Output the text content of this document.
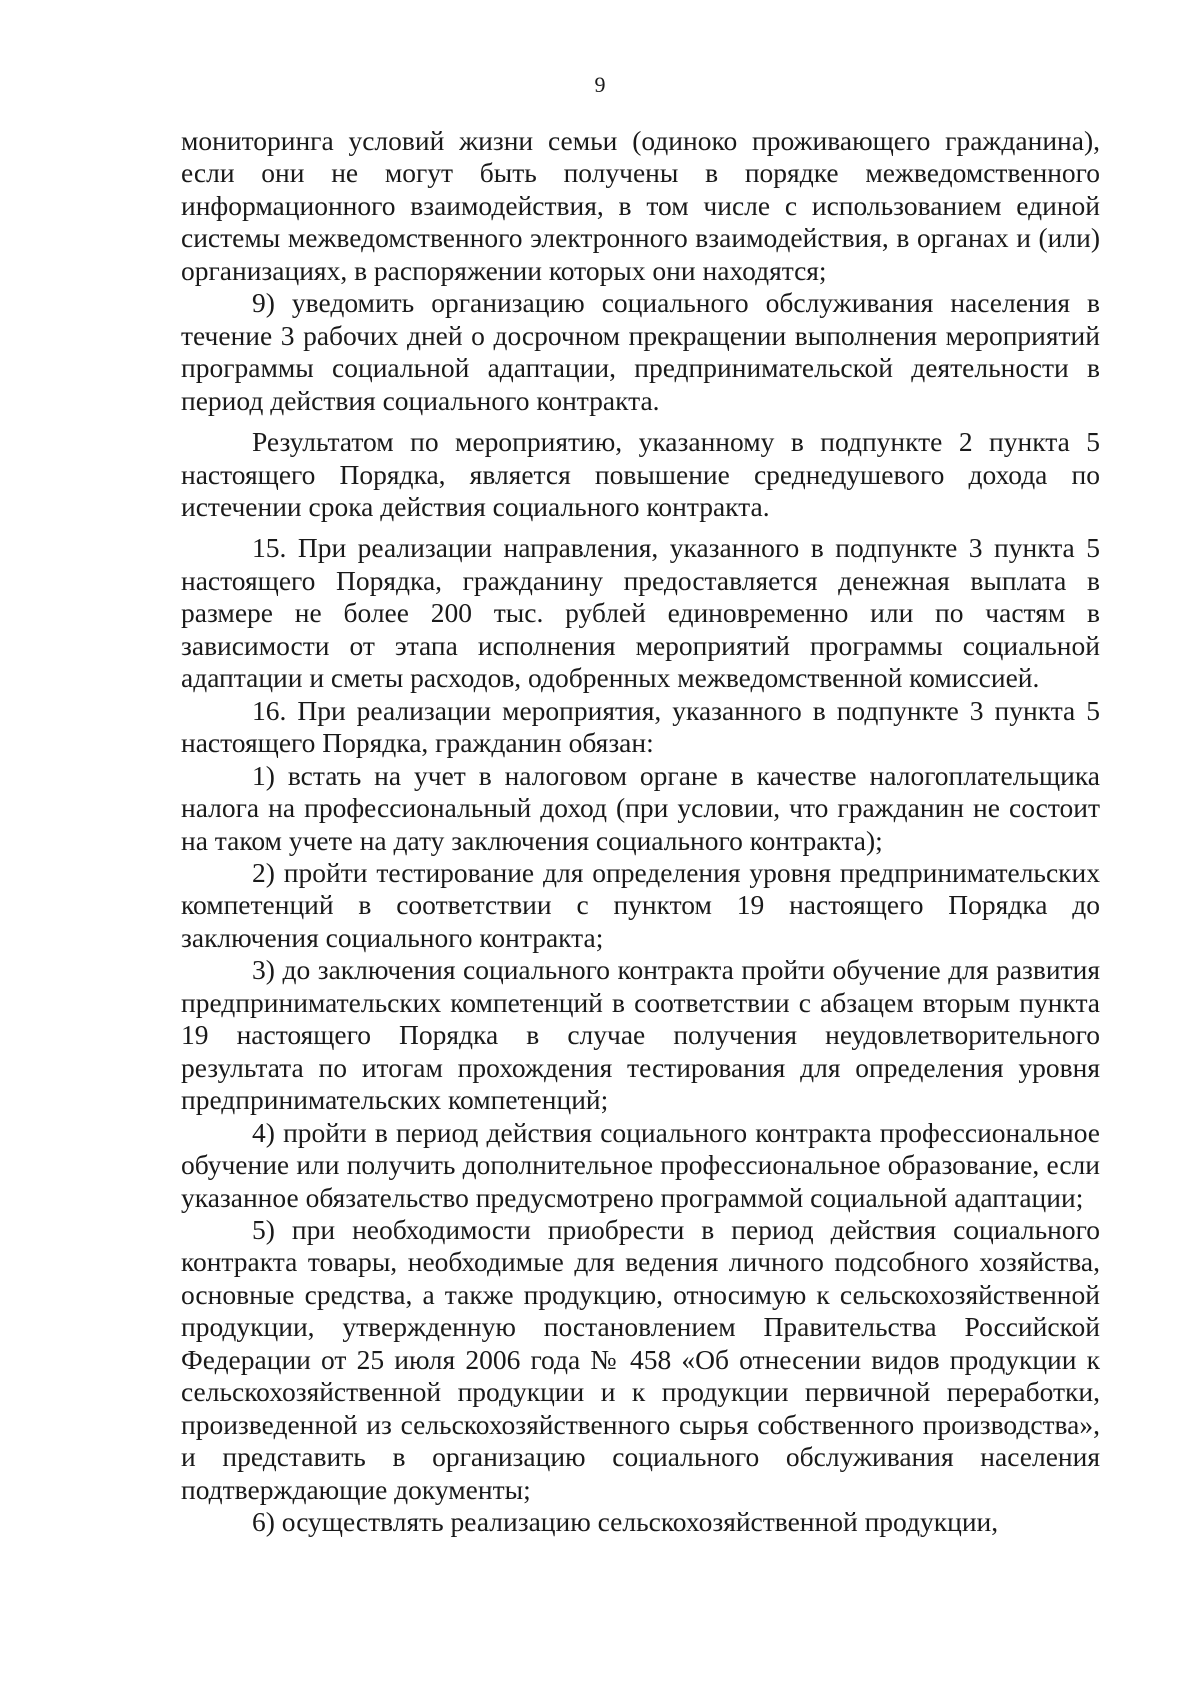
9

мониторинга условий жизни семьи (одиноко проживающего гражданина), если они не могут быть получены в порядке межведомственного информационного взаимодействия, в том числе с использованием единой системы межведомственного электронного взаимодействия, в органах и (или) организациях, в распоряжении которых они находятся;

9) уведомить организацию социального обслуживания населения в течение 3 рабочих дней о досрочном прекращении выполнения мероприятий программы социальной адаптации, предпринимательской деятельности в период действия социального контракта.

Результатом по мероприятию, указанному в подпункте 2 пункта 5 настоящего Порядка, является повышение среднедушевого дохода по истечении срока действия социального контракта.

15. При реализации направления, указанного в подпункте 3 пункта 5 настоящего Порядка, гражданину предоставляется денежная выплата в размере не более 200 тыс. рублей единовременно или по частям в зависимости от этапа исполнения мероприятий программы социальной адаптации и сметы расходов, одобренных межведомственной комиссией.

16. При реализации мероприятия, указанного в подпункте 3 пункта 5 настоящего Порядка, гражданин обязан:

1) встать на учет в налоговом органе в качестве налогоплательщика налога на профессиональный доход (при условии, что гражданин не состоит на таком учете на дату заключения социального контракта);

2) пройти тестирование для определения уровня предпринимательских компетенций в соответствии с пунктом 19 настоящего Порядка до заключения социального контракта;

3) до заключения социального контракта пройти обучение для развития предпринимательских компетенций в соответствии с абзацем вторым пункта 19 настоящего Порядка в случае получения неудовлетворительного результата по итогам прохождения тестирования для определения уровня предпринимательских компетенций;

4) пройти в период действия социального контракта профессиональное обучение или получить дополнительное профессиональное образование, если указанное обязательство предусмотрено программой социальной адаптации;

5) при необходимости приобрести в период действия социального контракта товары, необходимые для ведения личного подсобного хозяйства, основные средства, а также продукцию, относимую к сельскохозяйственной продукции, утвержденную постановлением Правительства Российской Федерации от 25 июля 2006 года № 458 «Об отнесении видов продукции к сельскохозяйственной продукции и к продукции первичной переработки, произведенной из сельскохозяйственного сырья собственного производства», и представить в организацию социального обслуживания населения подтверждающие документы;

6) осуществлять реализацию сельскохозяйственной продукции,
